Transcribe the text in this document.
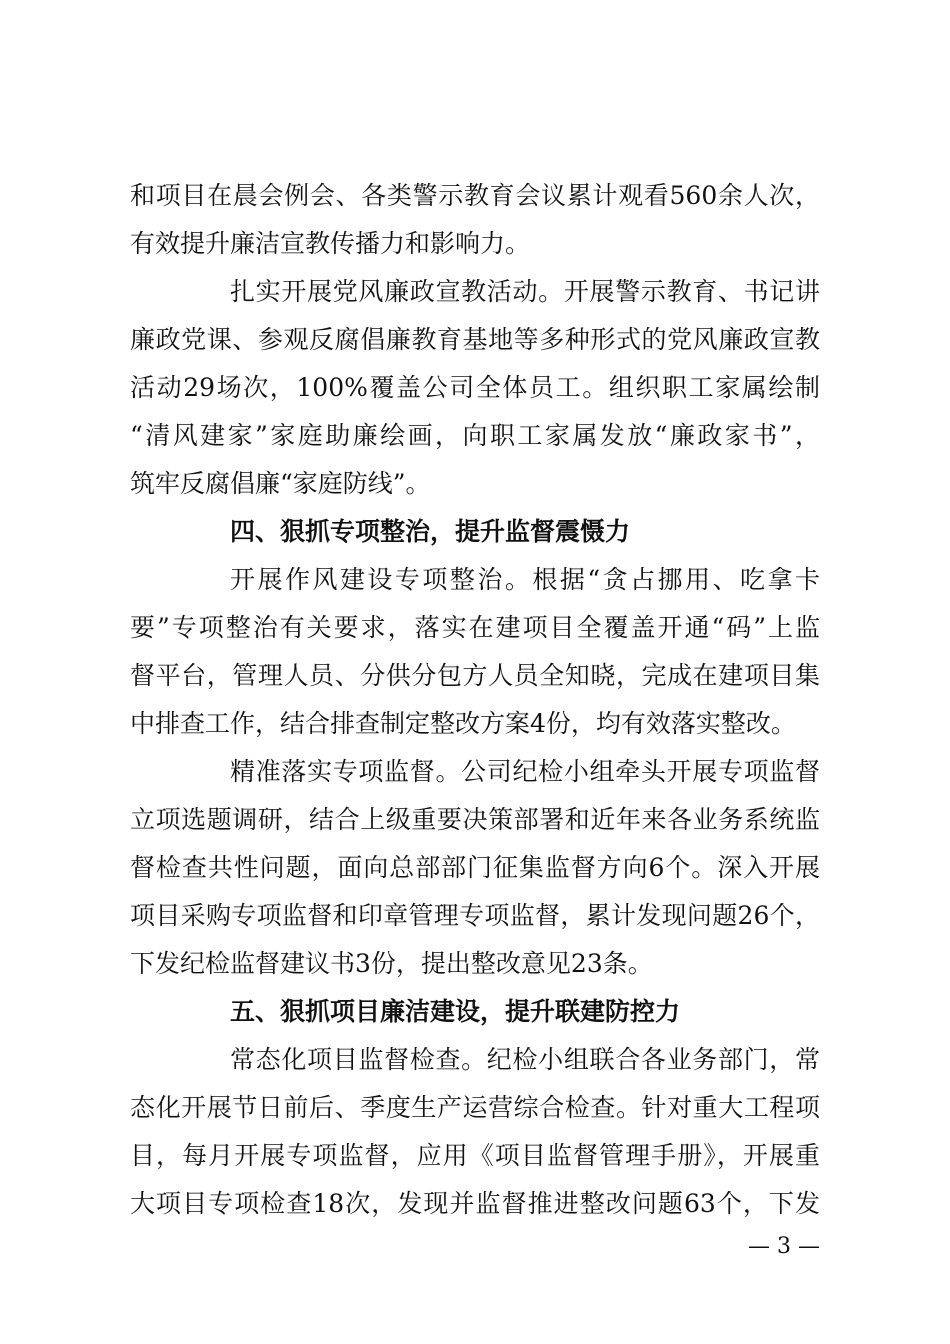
和项目在晨会例会、各类警示教育会议累计观看560余人次，
有效提升廉洁宣教传播力和影响力。
扎实开展党风廉政宣教活动。开展警示教育、书记讲
廉政党课、参观反腐倡廉教育基地等多种形式的党风廉政宣教
活动29场次，100%覆盖公司全体员工。组织职工家属绘制
“清风建家”家庭助廉绘画，向职工家属发放“廉政家书”，
筑牢反腐倡廉“家庭防线”。
四、狠抓专项整治，提升监督震慑力
开展作风建设专项整治。根据“贪占挪用、吃拿卡
要”专项整治有关要求，落实在建项目全覆盖开通“码”上监
督平台，管理人员、分供分包方人员全知晓，完成在建项目集
中排查工作，结合排查制定整改方案4份，均有效落实整改。
精准落实专项监督。公司纪检小组牵头开展专项监督
立项选题调研，结合上级重要决策部署和近年来各业务系统监
督检查共性问题，面向总部部门征集监督方向6个。深入开展
项目采购专项监督和印章管理专项监督，累计发现问题26个，
下发纪检监督建议书3份，提出整改意见23条。
五、狠抓项目廉洁建设，提升联建防控力
常态化项目监督检查。纪检小组联合各业务部门，常
态化开展节日前后、季度生产运营综合检查。针对重大工程项
目，每月开展专项监督，应用《项目监督管理手册》，开展重
大项目专项检查18次，发现并监督推进整改问题63个，下发
— 3 —
